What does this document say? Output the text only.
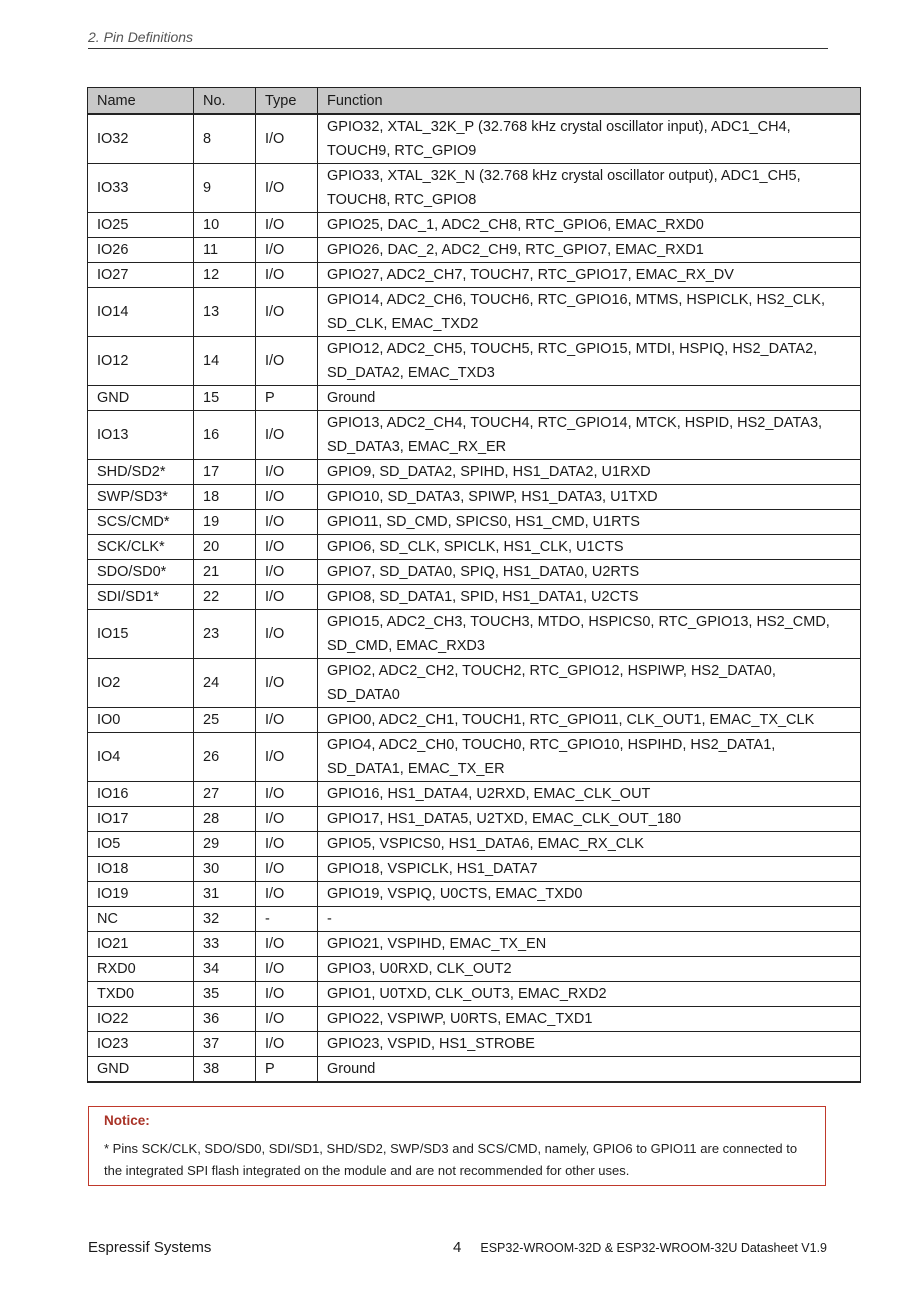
2. Pin Definitions
Name	No.	Type	Function
IO32	8	I/O	GPIO32, XTAL_32K_P (32.768 kHz crystal oscillator input), ADC1_CH4, TOUCH9, RTC_GPIO9
IO33	9	I/O	GPIO33, XTAL_32K_N (32.768 kHz crystal oscillator output), ADC1_CH5, TOUCH8, RTC_GPIO8
IO25	10	I/O	GPIO25, DAC_1, ADC2_CH8, RTC_GPIO6, EMAC_RXD0
IO26	11	I/O	GPIO26, DAC_2, ADC2_CH9, RTC_GPIO7, EMAC_RXD1
IO27	12	I/O	GPIO27, ADC2_CH7, TOUCH7, RTC_GPIO17, EMAC_RX_DV
IO14	13	I/O	GPIO14, ADC2_CH6, TOUCH6, RTC_GPIO16, MTMS, HSPICLK, HS2_CLK, SD_CLK, EMAC_TXD2
IO12	14	I/O	GPIO12, ADC2_CH5, TOUCH5, RTC_GPIO15, MTDI, HSPIQ, HS2_DATA2, SD_DATA2, EMAC_TXD3
GND	15	P	Ground
IO13	16	I/O	GPIO13, ADC2_CH4, TOUCH4, RTC_GPIO14, MTCK, HSPID, HS2_DATA3, SD_DATA3, EMAC_RX_ER
SHD/SD2*	17	I/O	GPIO9, SD_DATA2, SPIHD, HS1_DATA2, U1RXD
SWP/SD3*	18	I/O	GPIO10, SD_DATA3, SPIWP, HS1_DATA3, U1TXD
SCS/CMD*	19	I/O	GPIO11, SD_CMD, SPICS0, HS1_CMD, U1RTS
SCK/CLK*	20	I/O	GPIO6, SD_CLK, SPICLK, HS1_CLK, U1CTS
SDO/SD0*	21	I/O	GPIO7, SD_DATA0, SPIQ, HS1_DATA0, U2RTS
SDI/SD1*	22	I/O	GPIO8, SD_DATA1, SPID, HS1_DATA1, U2CTS
IO15	23	I/O	GPIO15, ADC2_CH3, TOUCH3, MTDO, HSPICS0, RTC_GPIO13, HS2_CMD, SD_CMD, EMAC_RXD3
IO2	24	I/O	GPIO2, ADC2_CH2, TOUCH2, RTC_GPIO12, HSPIWP, HS2_DATA0, SD_DATA0
IO0	25	I/O	GPIO0, ADC2_CH1, TOUCH1, RTC_GPIO11, CLK_OUT1, EMAC_TX_CLK
IO4	26	I/O	GPIO4, ADC2_CH0, TOUCH0, RTC_GPIO10, HSPIHD, HS2_DATA1, SD_DATA1, EMAC_TX_ER
IO16	27	I/O	GPIO16, HS1_DATA4, U2RXD, EMAC_CLK_OUT
IO17	28	I/O	GPIO17, HS1_DATA5, U2TXD, EMAC_CLK_OUT_180
IO5	29	I/O	GPIO5, VSPICS0, HS1_DATA6, EMAC_RX_CLK
IO18	30	I/O	GPIO18, VSPICLK, HS1_DATA7
IO19	31	I/O	GPIO19, VSPIQ, U0CTS, EMAC_TXD0
NC	32	-	-
IO21	33	I/O	GPIO21, VSPIHD, EMAC_TX_EN
RXD0	34	I/O	GPIO3, U0RXD, CLK_OUT2
TXD0	35	I/O	GPIO1, U0TXD, CLK_OUT3, EMAC_RXD2
IO22	36	I/O	GPIO22, VSPIWP, U0RTS, EMAC_TXD1
IO23	37	I/O	GPIO23, VSPID, HS1_STROBE
GND	38	P	Ground
Notice:
* Pins SCK/CLK, SDO/SD0, SDI/SD1, SHD/SD2, SWP/SD3 and SCS/CMD, namely, GPIO6 to GPIO11 are connected to the integrated SPI flash integrated on the module and are not recommended for other uses.
Espressif Systems	4 ESP32-WROOM-32D & ESP32-WROOM-32U Datasheet V1.9
